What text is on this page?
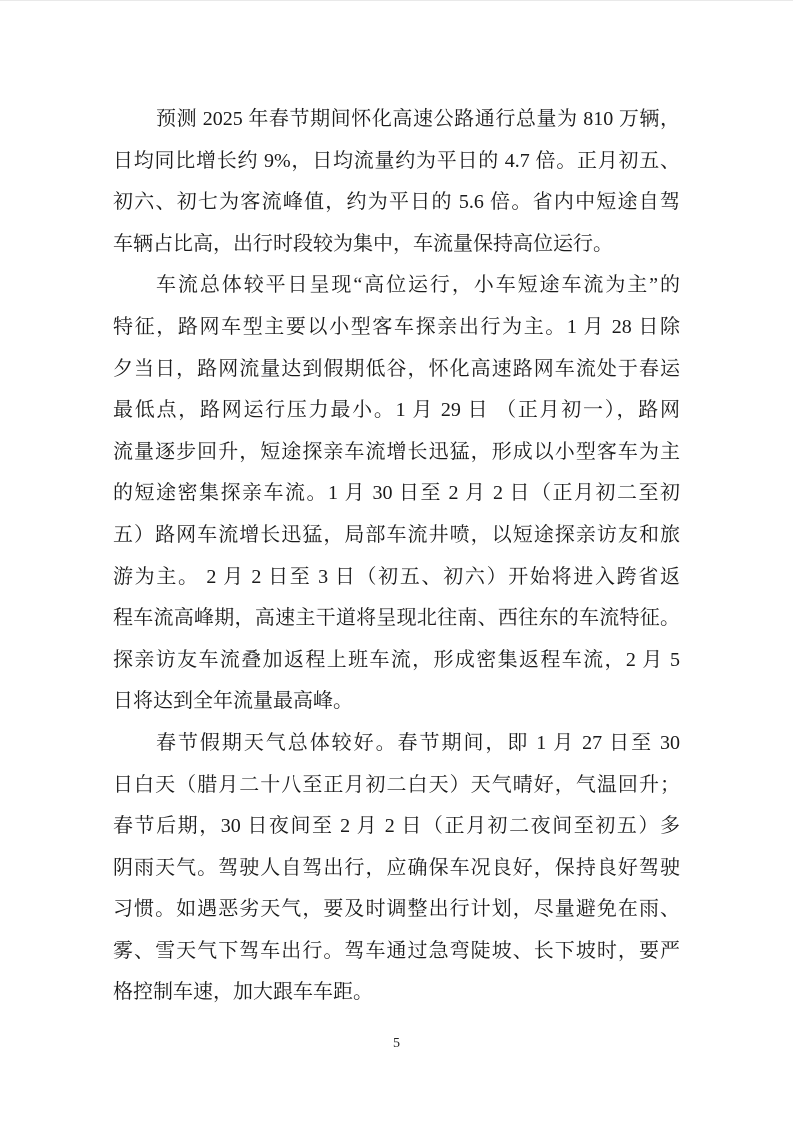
预测 2025 年春节期间怀化高速公路通行总量为 810 万辆，
日均同比增长约 9%，日均流量约为平日的 4.7 倍。正月初五、
初六、初七为客流峰值，约为平日的 5.6 倍。省内中短途自驾
车辆占比高，出行时段较为集中，车流量保持高位运行。
车流总体较平日呈现“高位运行，小车短途车流为主”的
特征，路网车型主要以小型客车探亲出行为主。1 月 28 日除
夕当日，路网流量达到假期低谷，怀化高速路网车流处于春运
最低点，路网运行压力最小。1 月 29 日 （正月初一），路网
流量逐步回升，短途探亲车流增长迅猛，形成以小型客车为主
的短途密集探亲车流。1 月 30 日至 2 月 2 日（正月初二至初
五）路网车流增长迅猛，局部车流井喷，以短途探亲访友和旅
游为主。 2 月 2 日至 3 日（初五、初六）开始将进入跨省返
程车流高峰期，高速主干道将呈现北往南、西往东的车流特征。
探亲访友车流叠加返程上班车流，形成密集返程车流，2 月 5
日将达到全年流量最高峰。
春节假期天气总体较好。春节期间，即 1 月 27 日至 30
日白天（腊月二十八至正月初二白天）天气晴好，气温回升；
春节后期，30 日夜间至 2 月 2 日（正月初二夜间至初五）多
阴雨天气。驾驶人自驾出行，应确保车况良好，保持良好驾驶
习惯。如遇恶劣天气，要及时调整出行计划，尽量避免在雨、
雾、雪天气下驾车出行。驾车通过急弯陡坡、长下坡时，要严
格控制车速，加大跟车车距。
5
